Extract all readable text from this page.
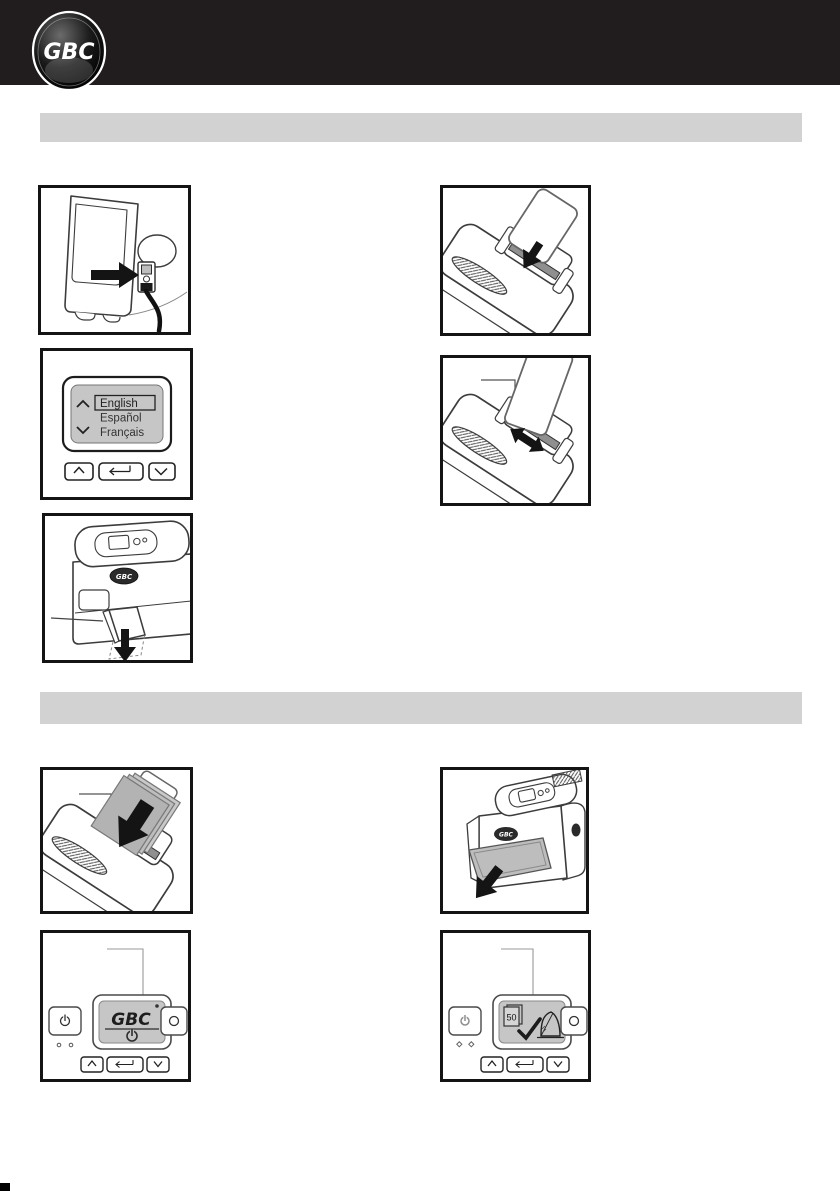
GBC
English
Español
Français
GBC
GBC
GBC	50
